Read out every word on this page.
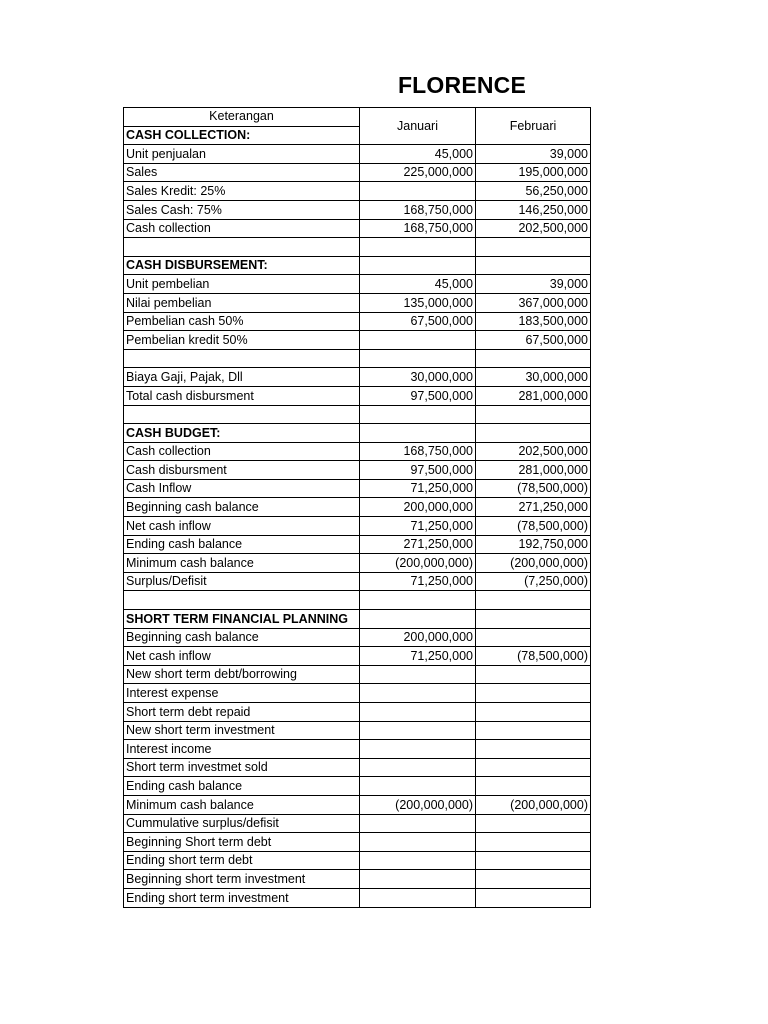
FLORENCE
Keterangan	Januari	Februari
CASH COLLECTION:		
Unit penjualan	45,000	39,000
Sales	225,000,000	195,000,000
Sales Kredit: 25%		56,250,000
Sales Cash: 75%	168,750,000	146,250,000
Cash collection	168,750,000	202,500,000

CASH DISBURSEMENT:		
Unit pembelian	45,000	39,000
Nilai pembelian	135,000,000	367,000,000
Pembelian cash 50%	67,500,000	183,500,000
Pembelian kredit 50%		67,500,000

Biaya Gaji, Pajak, Dll	30,000,000	30,000,000
Total cash disbursment	97,500,000	281,000,000

CASH BUDGET:		
Cash collection	168,750,000	202,500,000
Cash disbursment	97,500,000	281,000,000
Cash Inflow	71,250,000	(78,500,000)
Beginning cash balance	200,000,000	271,250,000
Net cash inflow	71,250,000	(78,500,000)
Ending cash balance	271,250,000	192,750,000
Minimum cash balance	(200,000,000)	(200,000,000)
Surplus/Defisit	71,250,000	(7,250,000)

SHORT TERM FINANCIAL PLANNING		
Beginning cash balance	200,000,000	
Net cash inflow	71,250,000	(78,500,000)
New short term debt/borrowing		
Interest expense		
Short term debt repaid		
New short term investment		
Interest income		
Short term investmet sold		
Ending cash balance		
Minimum cash balance	(200,000,000)	(200,000,000)
Cummulative surplus/defisit		
Beginning Short term debt		
Ending short term debt		
Beginning short term investment		
Ending short term investment		
